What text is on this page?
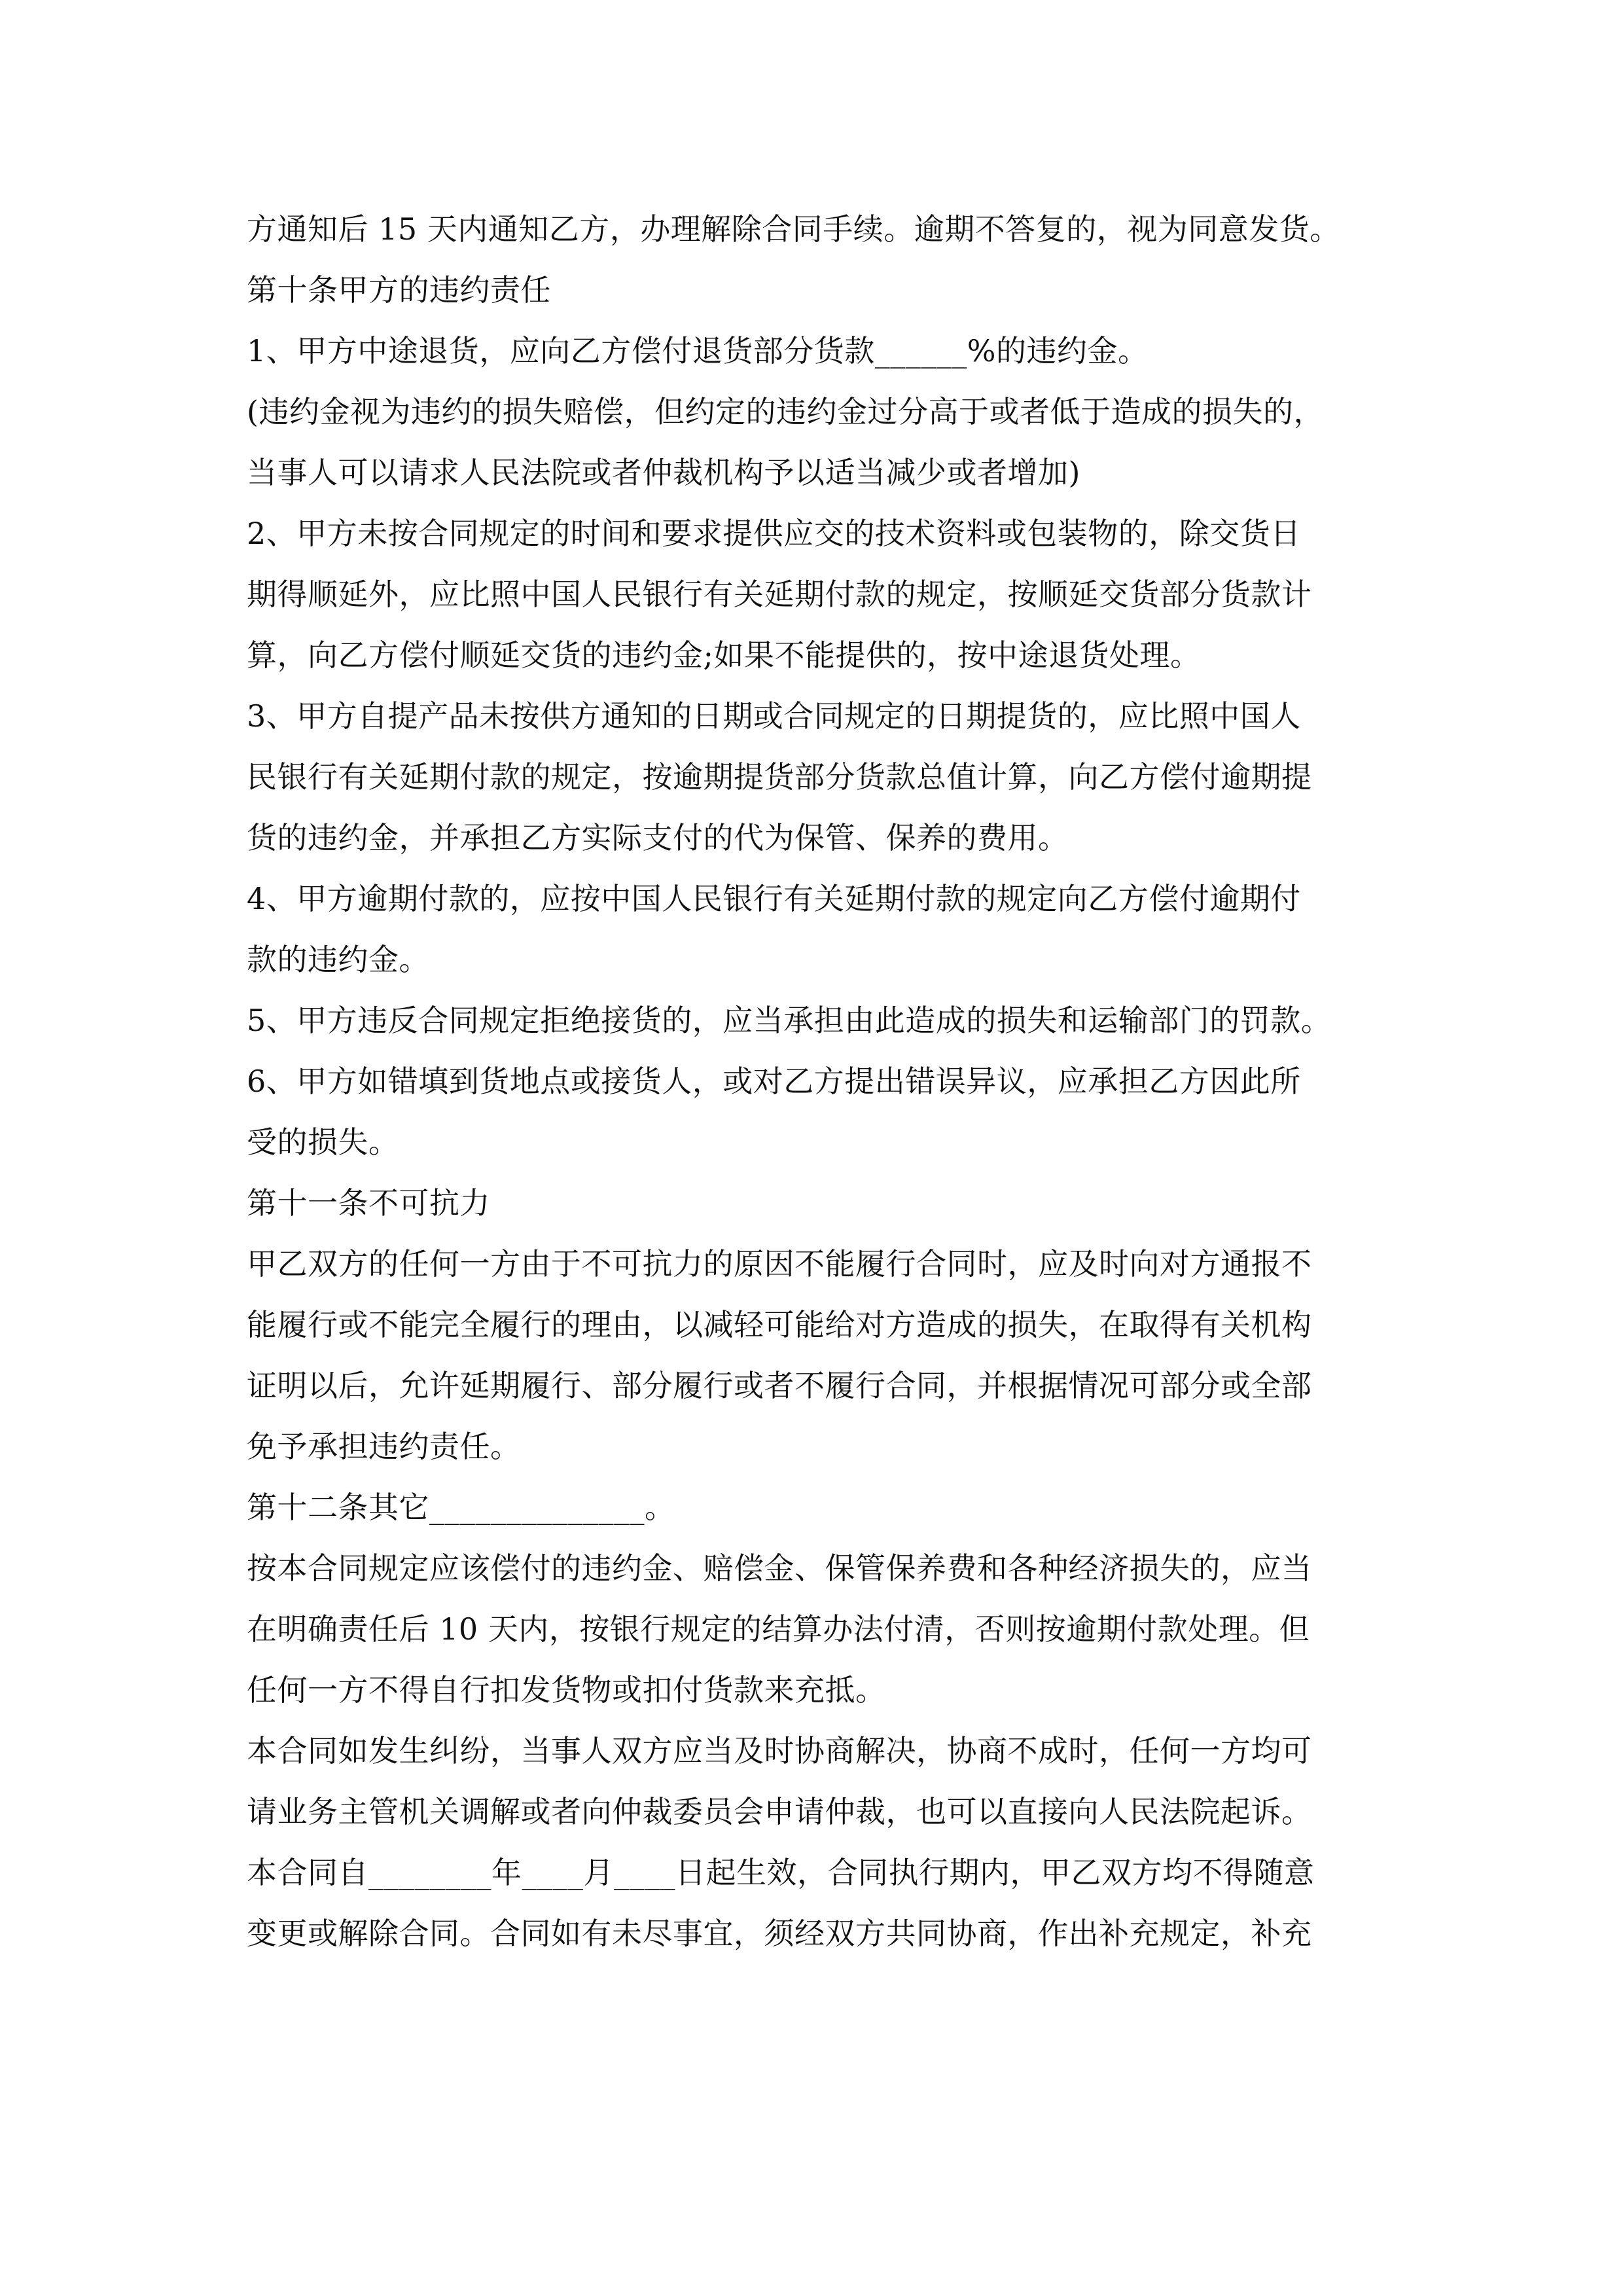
方通知后 15 天内通知乙方，办理解除合同手续。逾期不答复的，视为同意发货。
第十条甲方的违约责任
1、甲方中途退货，应向乙方偿付退货部分货款______%的违约金。
(违约金视为违约的损失赔偿，但约定的违约金过分高于或者低于造成的损失的，
当事人可以请求人民法院或者仲裁机构予以适当减少或者增加)
2、甲方未按合同规定的时间和要求提供应交的技术资料或包装物的，除交货日
期得顺延外，应比照中国人民银行有关延期付款的规定，按顺延交货部分货款计
算，向乙方偿付顺延交货的违约金;如果不能提供的，按中途退货处理。
3、甲方自提产品未按供方通知的日期或合同规定的日期提货的，应比照中国人
民银行有关延期付款的规定，按逾期提货部分货款总值计算，向乙方偿付逾期提
货的违约金，并承担乙方实际支付的代为保管、保养的费用。
4、甲方逾期付款的，应按中国人民银行有关延期付款的规定向乙方偿付逾期付
款的违约金。
5、甲方违反合同规定拒绝接货的，应当承担由此造成的损失和运输部门的罚款。
6、甲方如错填到货地点或接货人，或对乙方提出错误异议，应承担乙方因此所
受的损失。
第十一条不可抗力
甲乙双方的任何一方由于不可抗力的原因不能履行合同时，应及时向对方通报不
能履行或不能完全履行的理由，以减轻可能给对方造成的损失，在取得有关机构
证明以后，允许延期履行、部分履行或者不履行合同，并根据情况可部分或全部
免予承担违约责任。
第十二条其它______________。
按本合同规定应该偿付的违约金、赔偿金、保管保养费和各种经济损失的，应当
在明确责任后 10 天内，按银行规定的结算办法付清，否则按逾期付款处理。但
任何一方不得自行扣发货物或扣付货款来充抵。
本合同如发生纠纷，当事人双方应当及时协商解决，协商不成时，任何一方均可
请业务主管机关调解或者向仲裁委员会申请仲裁，也可以直接向人民法院起诉。
本合同自________年____月____日起生效，合同执行期内，甲乙双方均不得随意
变更或解除合同。合同如有未尽事宜，须经双方共同协商，作出补充规定，补充
